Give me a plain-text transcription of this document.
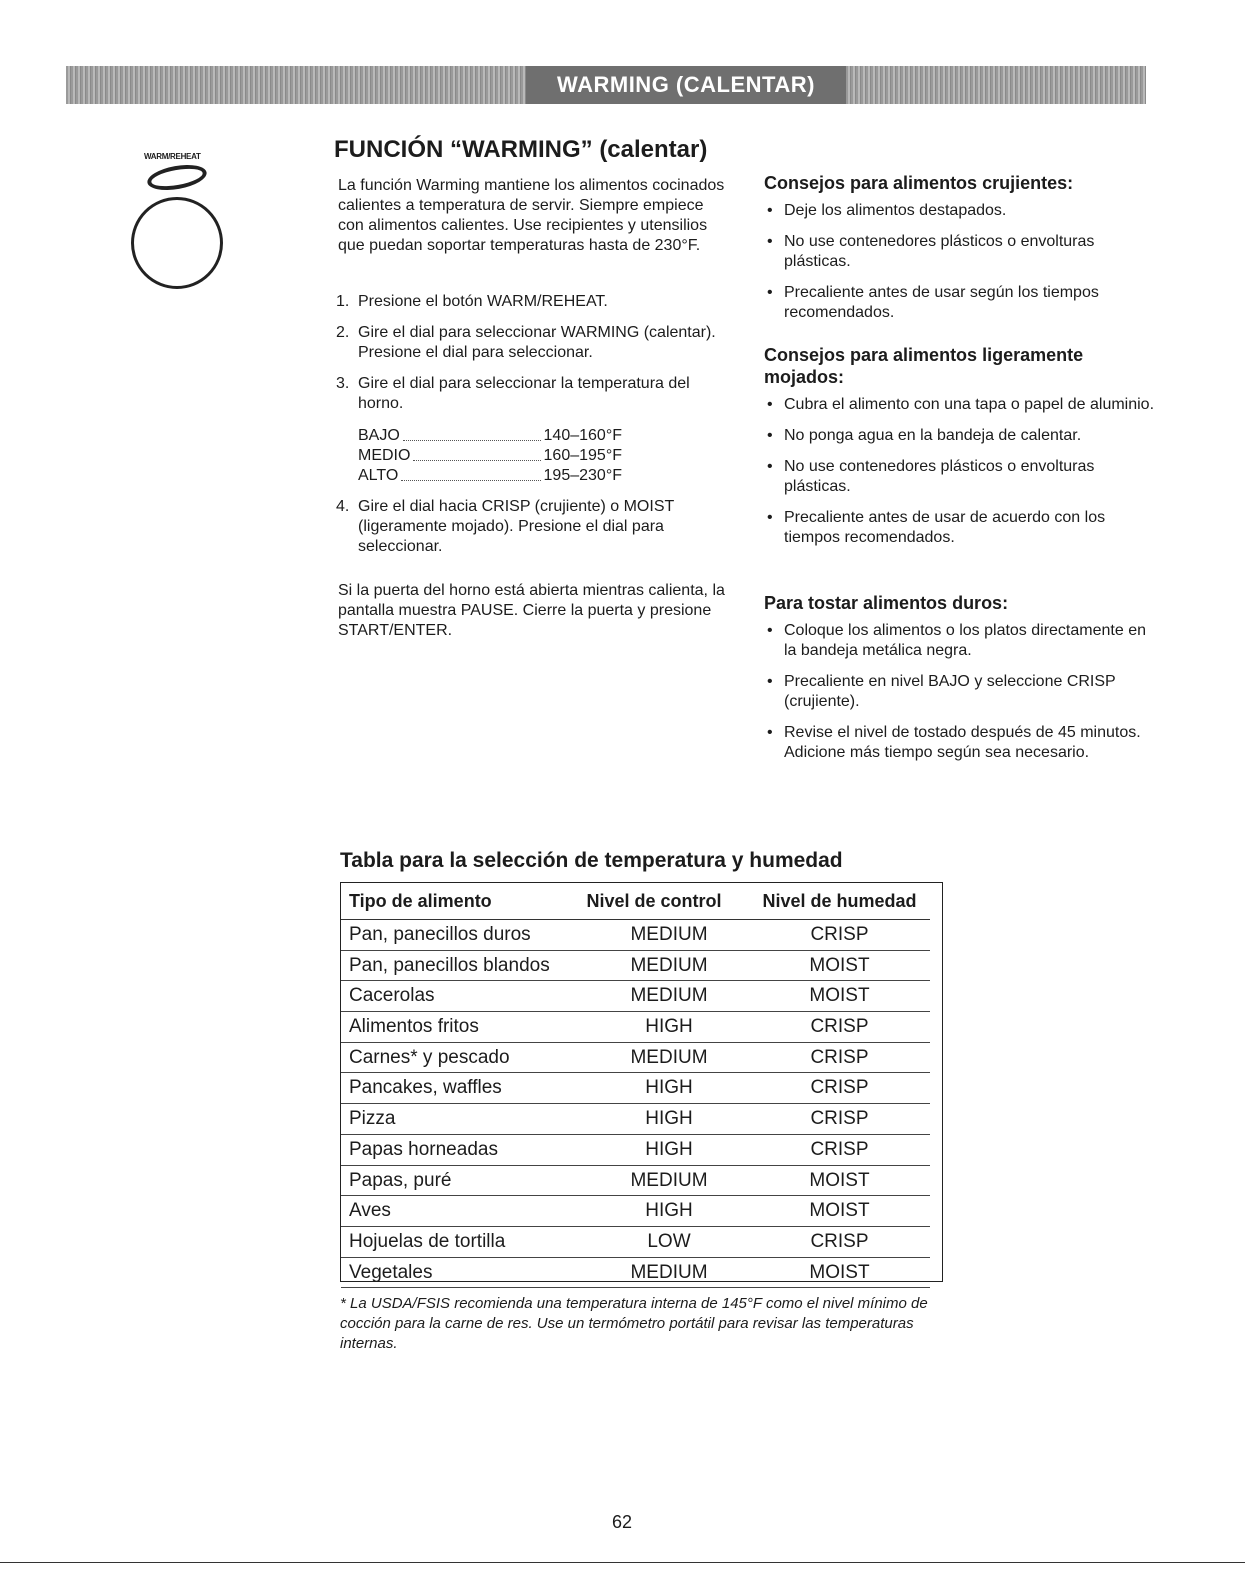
WARMING (CALENTAR)
WARM/REHEAT	FUNCIÓN “WARMING” (calentar)

La función Warming mantiene los alimentos cocinados calientes a temperatura de servir. Siempre empiece con alimentos calientes. Use recipientes y utensilios que puedan soportar temperaturas hasta de 230°F.

1. Presione el botón WARM/REHEAT.
2. Gire el dial para seleccionar WARMING (calentar). Presione el dial para seleccionar.
3. Gire el dial para seleccionar la temperatura del horno.
BAJO	140–160°F
MEDIO	160–195°F
ALTO	195–230°F
4. Gire el dial hacia CRISP (crujiente) o MOIST (ligeramente mojado). Presione el dial para seleccionar.

Si la puerta del horno está abierta mientras calienta, la pantalla muestra PAUSE. Cierre la puerta y presione START/ENTER.

Consejos para alimentos crujientes:
• Deje los alimentos destapados.
• No use contenedores plásticos o envolturas plásticas.
• Precaliente antes de usar según los tiempos recomendados.
Consejos para alimentos ligeramente mojados:
• Cubra el alimento con una tapa o papel de aluminio.
• No ponga agua en la bandeja de calentar.
• No use contenedores plásticos o envolturas plásticas.
• Precaliente antes de usar de acuerdo con los tiempos recomendados.
Para tostar alimentos duros:
• Coloque los alimentos o los platos directamente en la bandeja metálica negra.
• Precaliente en nivel BAJO y seleccione CRISP (crujiente).
• Revise el nivel de tostado después de 45 minutos. Adicione más tiempo según sea necesario.
Tabla para la selección de temperatura y humedad
Tipo de alimento	Nivel de control	Nivel de humedad
Pan, panecillos duros	MEDIUM	CRISP
Pan, panecillos blandos	MEDIUM	MOIST
Cacerolas	MEDIUM	MOIST
Alimentos fritos	HIGH	CRISP
Carnes* y pescado	MEDIUM	CRISP
Pancakes, waffles	HIGH	CRISP
Pizza	HIGH	CRISP
Papas horneadas	HIGH	CRISP
Papas, puré	MEDIUM	MOIST
Aves	HIGH	MOIST
Hojuelas de tortilla	LOW	CRISP
Vegetales	MEDIUM	MOIST

* La USDA/FSIS recomienda una temperatura interna de 145°F como el nivel mínimo de cocción para la carne de res. Use un termómetro portátil para revisar las temperaturas internas.

62
